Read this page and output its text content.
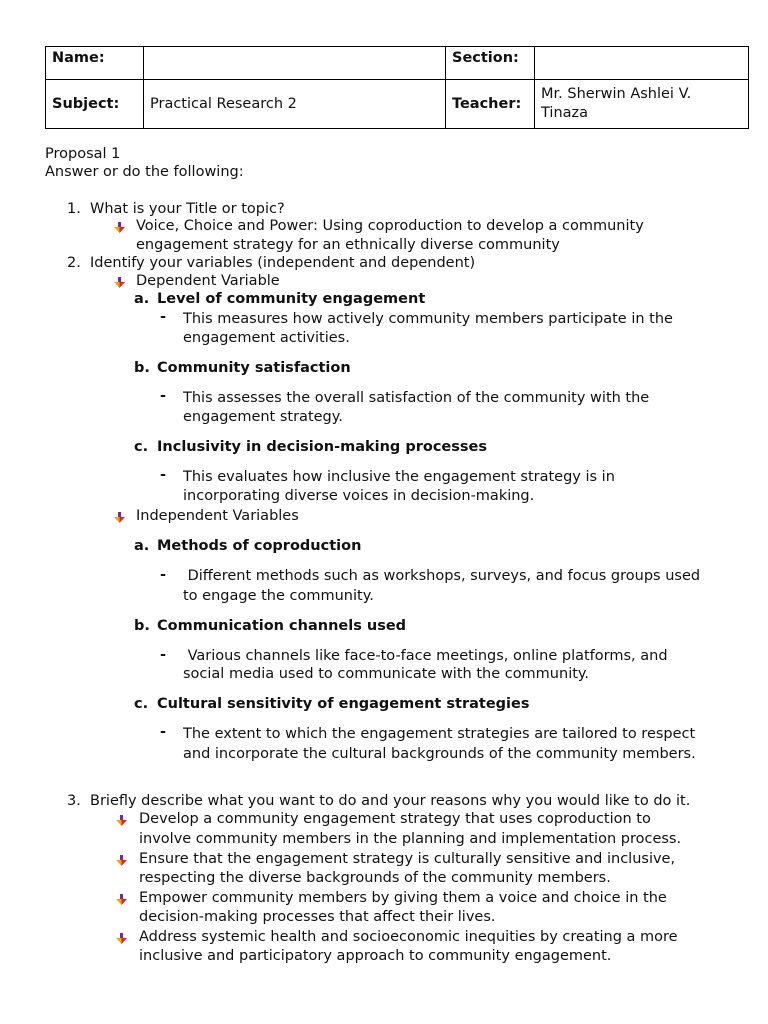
Name:		Section:	
Subject:	Practical Research 2	Teacher:	Mr. Sherwin Ashlei V.
Tinaza
Proposal 1
Answer or do the following:
1. What is your Title or topic?
Voice, Choice and Power: Using coproduction to develop a community
engagement strategy for an ethnically diverse community
2. Identify your variables (independent and dependent)
Dependent Variable
a. Level of community engagement
- This measures how actively community members participate in the
engagement activities.
b. Community satisfaction
- This assesses the overall satisfaction of the community with the
engagement strategy.
c. Inclusivity in decision-making processes
- This evaluates how inclusive the engagement strategy is in
incorporating diverse voices in decision-making.
Independent Variables
a. Methods of coproduction
- Different methods such as workshops, surveys, and focus groups used
to engage the community.
b. Communication channels used
- Various channels like face-to-face meetings, online platforms, and
social media used to communicate with the community.
c. Cultural sensitivity of engagement strategies
- The extent to which the engagement strategies are tailored to respect
and incorporate the cultural backgrounds of the community members.
3. Briefly describe what you want to do and your reasons why you would like to do it.
Develop a community engagement strategy that uses coproduction to
involve community members in the planning and implementation process.
Ensure that the engagement strategy is culturally sensitive and inclusive,
respecting the diverse backgrounds of the community members.
Empower community members by giving them a voice and choice in the
decision-making processes that affect their lives.
Address systemic health and socioeconomic inequities by creating a more
inclusive and participatory approach to community engagement.
